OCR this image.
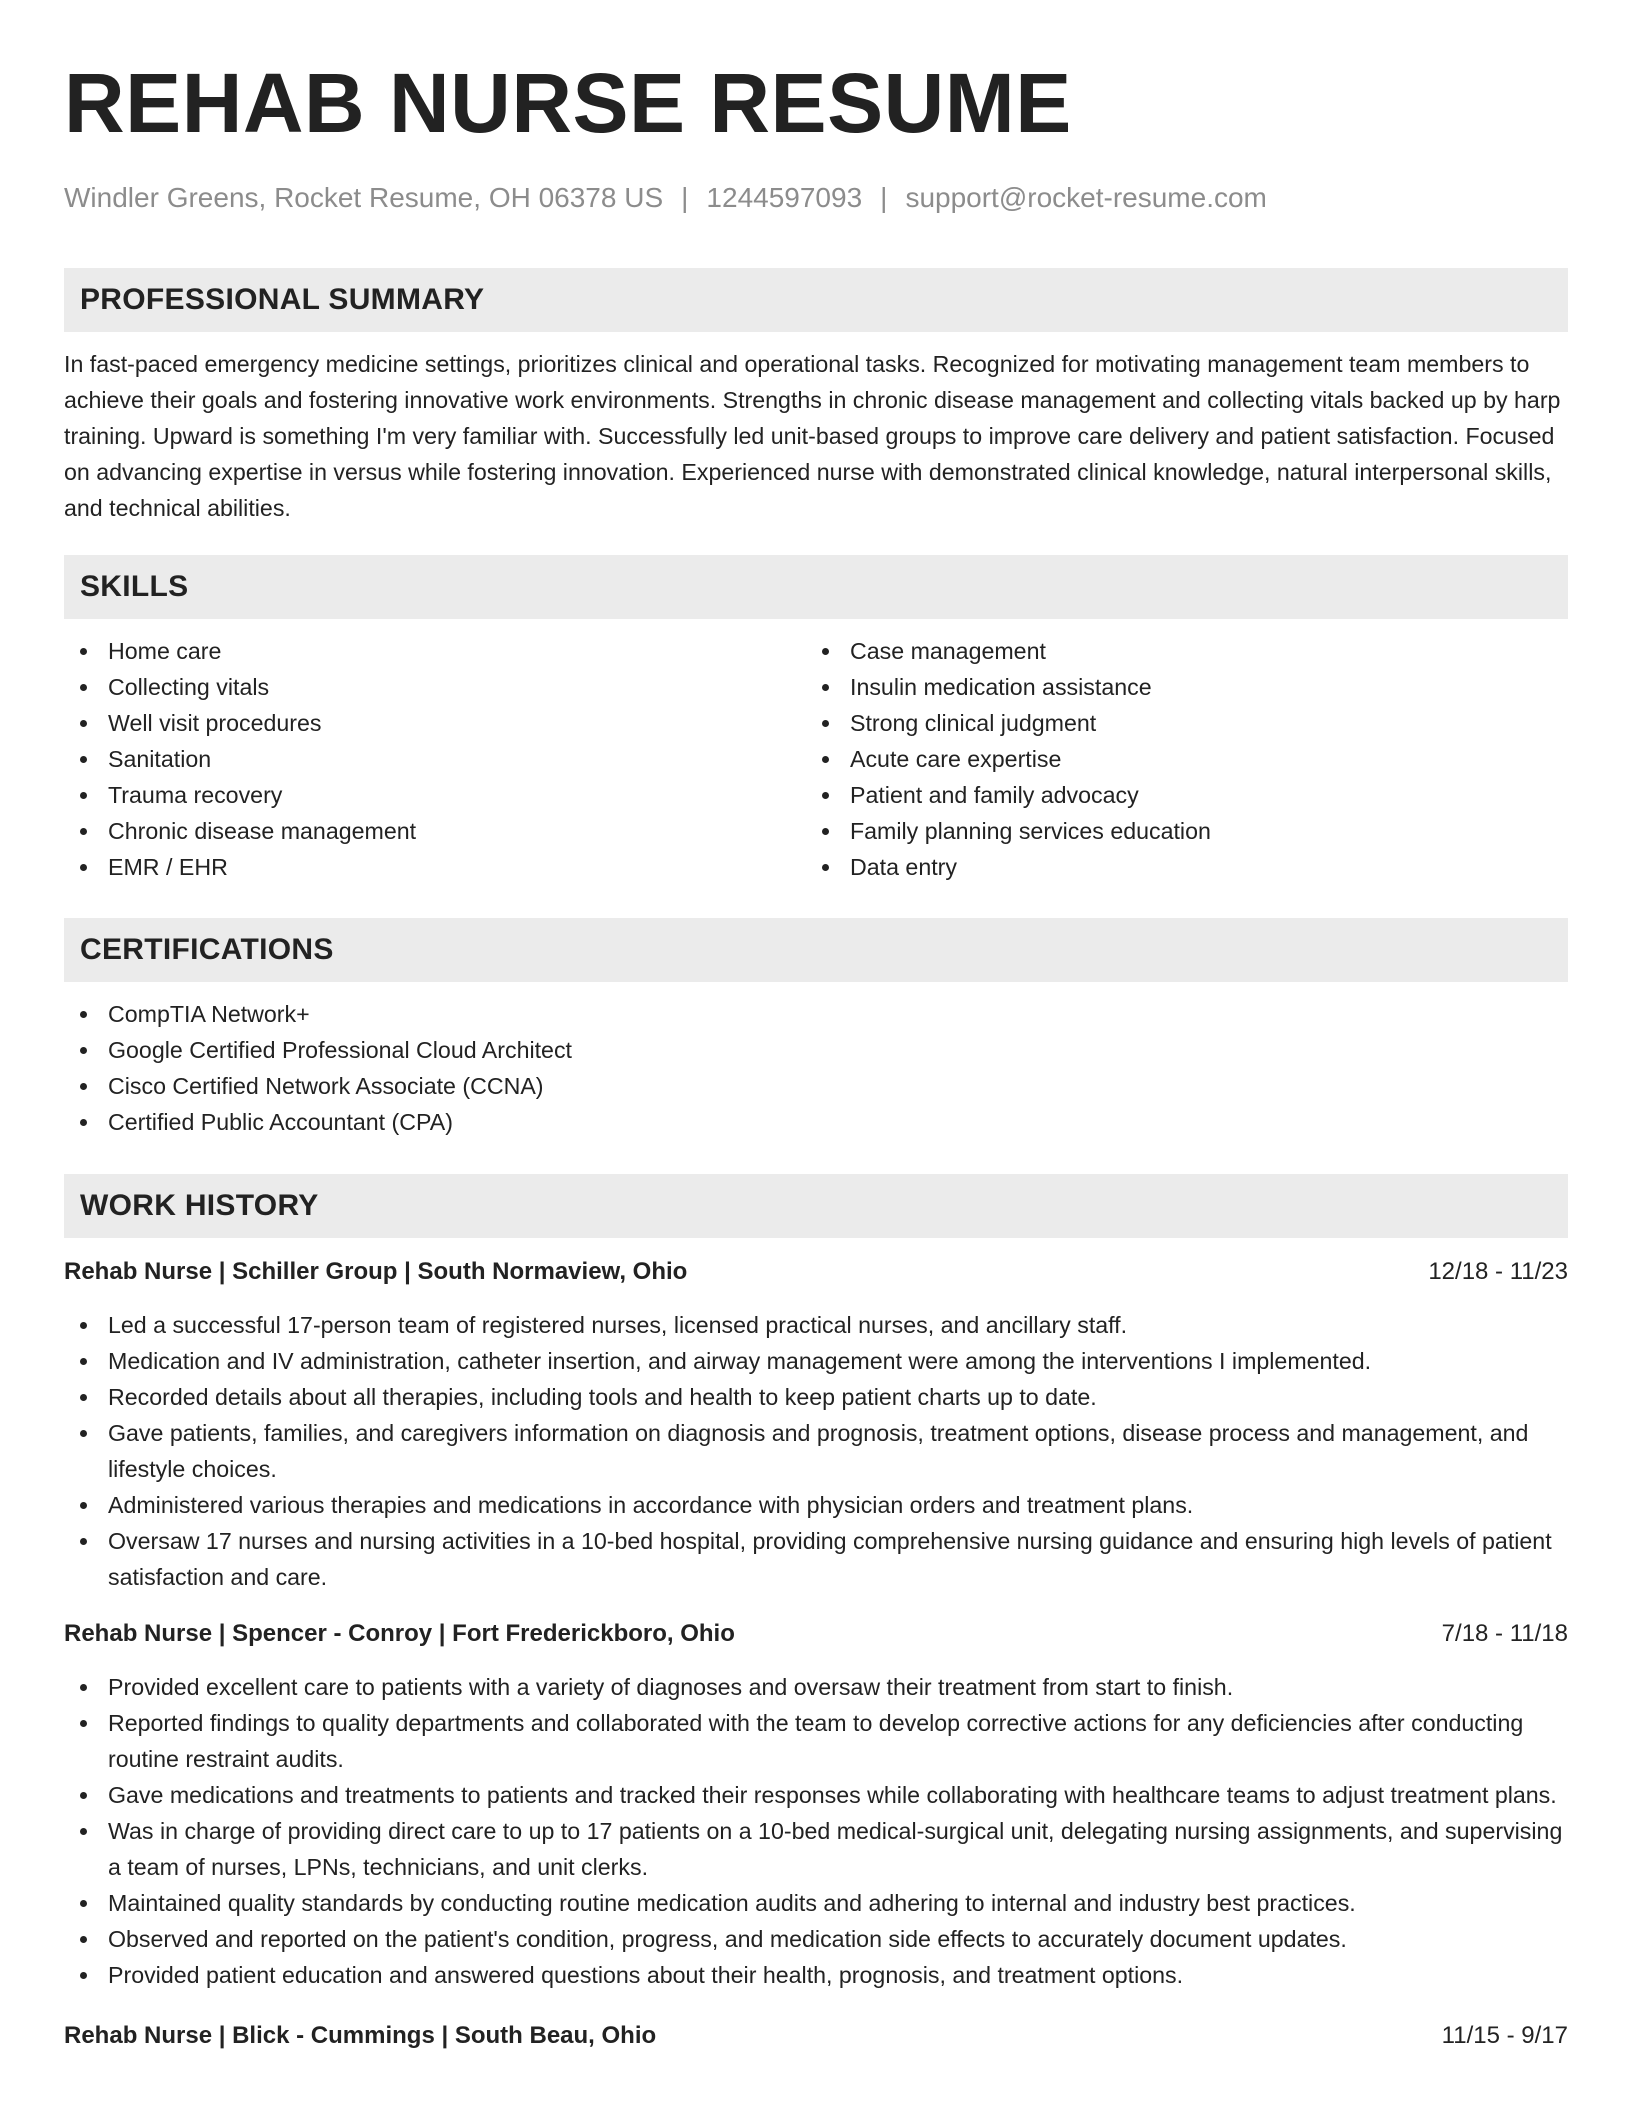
REHAB NURSE RESUME
Windler Greens, Rocket Resume, OH 06378 US | 1244597093 | support@rocket-resume.com
PROFESSIONAL SUMMARY

In fast-paced emergency medicine settings, prioritizes clinical and operational tasks. Recognized for motivating management team members to achieve their goals and fostering innovative work environments. Strengths in chronic disease management and collecting vitals backed up by harp training. Upward is something I'm very familiar with. Successfully led unit-based groups to improve care delivery and patient satisfaction. Focused on advancing expertise in versus while fostering innovation. Experienced nurse with demonstrated clinical knowledge, natural interpersonal skills, and technical abilities.

SKILLS
Home care
Collecting vitals
Well visit procedures
Sanitation
Trauma recovery
Chronic disease management
EMR / EHR
Case management
Insulin medication assistance
Strong clinical judgment
Acute care expertise
Patient and family advocacy
Family planning services education
Data entry
CERTIFICATIONS
CompTIA Network+
Google Certified Professional Cloud Architect
Cisco Certified Network Associate (CCNA)
Certified Public Accountant (CPA)
WORK HISTORY
Rehab Nurse | Schiller Group | South Normaview, Ohio	12/18 - 11/23
Led a successful 17-person team of registered nurses, licensed practical nurses, and ancillary staff.
Medication and IV administration, catheter insertion, and airway management were among the interventions I implemented.
Recorded details about all therapies, including tools and health to keep patient charts up to date.
Gave patients, families, and caregivers information on diagnosis and prognosis, treatment options, disease process and management, and lifestyle choices.
Administered various therapies and medications in accordance with physician orders and treatment plans.
Oversaw 17 nurses and nursing activities in a 10-bed hospital, providing comprehensive nursing guidance and ensuring high levels of patient satisfaction and care.
Rehab Nurse | Spencer - Conroy | Fort Frederickboro, Ohio	7/18 - 11/18
Provided excellent care to patients with a variety of diagnoses and oversaw their treatment from start to finish.
Reported findings to quality departments and collaborated with the team to develop corrective actions for any deficiencies after conducting routine restraint audits.
Gave medications and treatments to patients and tracked their responses while collaborating with healthcare teams to adjust treatment plans.
Was in charge of providing direct care to up to 17 patients on a 10-bed medical-surgical unit, delegating nursing assignments, and supervising a team of nurses, LPNs, technicians, and unit clerks.
Maintained quality standards by conducting routine medication audits and adhering to internal and industry best practices.
Observed and reported on the patient's condition, progress, and medication side effects to accurately document updates.
Provided patient education and answered questions about their health, prognosis, and treatment options.
Rehab Nurse | Blick - Cummings | South Beau, Ohio	11/15 - 9/17
